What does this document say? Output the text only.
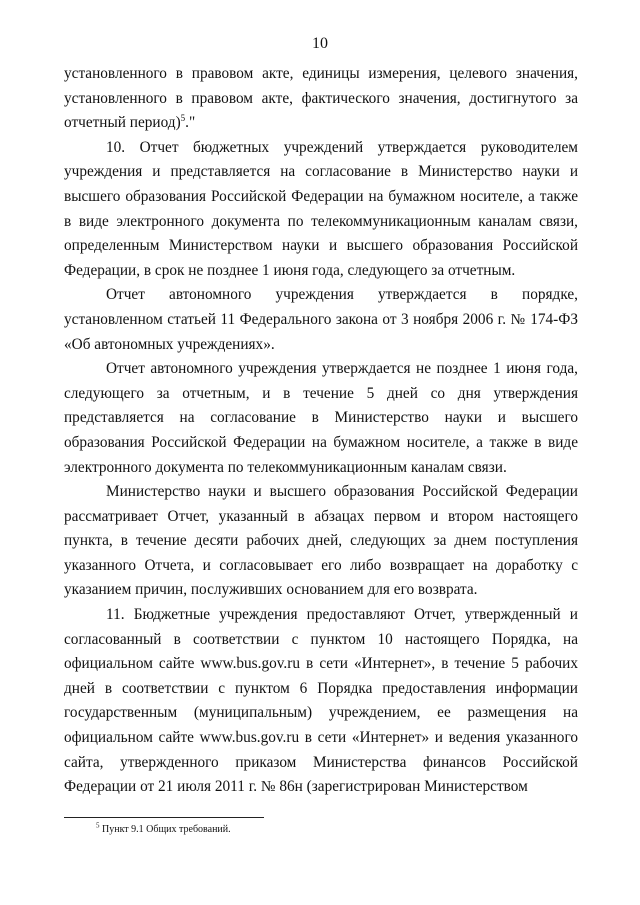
10

установленного в правовом акте, единицы измерения, целевого значения, установленного в правовом акте, фактического значения, достигнутого за отчетный период)$^5$."

10. Отчет бюджетных учреждений утверждается руководителем учреждения и представляется на согласование в Министерство науки и высшего образования Российской Федерации на бумажном носителе, а также в виде электронного документа по телекоммуникационным каналам связи, определенным Министерством науки и высшего образования Российской Федерации, в срок не позднее 1 июня года, следующего за отчетным.

Отчет автономного учреждения утверждается в порядке, установленном статьей 11 Федерального закона от 3 ноября 2006 г. № 174-ФЗ «Об автономных учреждениях».

Отчет автономного учреждения утверждается не позднее 1 июня года, следующего за отчетным, и в течение 5 дней со дня утверждения представляется на согласование в Министерство науки и высшего образования Российской Федерации на бумажном носителе, а также в виде электронного документа по телекоммуникационным каналам связи.

Министерство науки и высшего образования Российской Федерации рассматривает Отчет, указанный в абзацах первом и втором настоящего пункта, в течение десяти рабочих дней, следующих за днем поступления указанного Отчета, и согласовывает его либо возвращает на доработку с указанием причин, послуживших основанием для его возврата.

11. Бюджетные учреждения предоставляют Отчет, утвержденный и согласованный в соответствии с пунктом 10 настоящего Порядка, на официальном сайте www.bus.gov.ru в сети «Интернет», в течение 5 рабочих дней в соответствии с пунктом 6 Порядка предоставления информации государственным (муниципальным) учреждением, ее размещения на официальном сайте www.bus.gov.ru в сети «Интернет» и ведения указанного сайта, утвержденного приказом Министерства финансов Российской Федерации от 21 июля 2011 г. № 86н (зарегистрирован Министерством

$^5$ Пункт 9.1 Общих требований.
